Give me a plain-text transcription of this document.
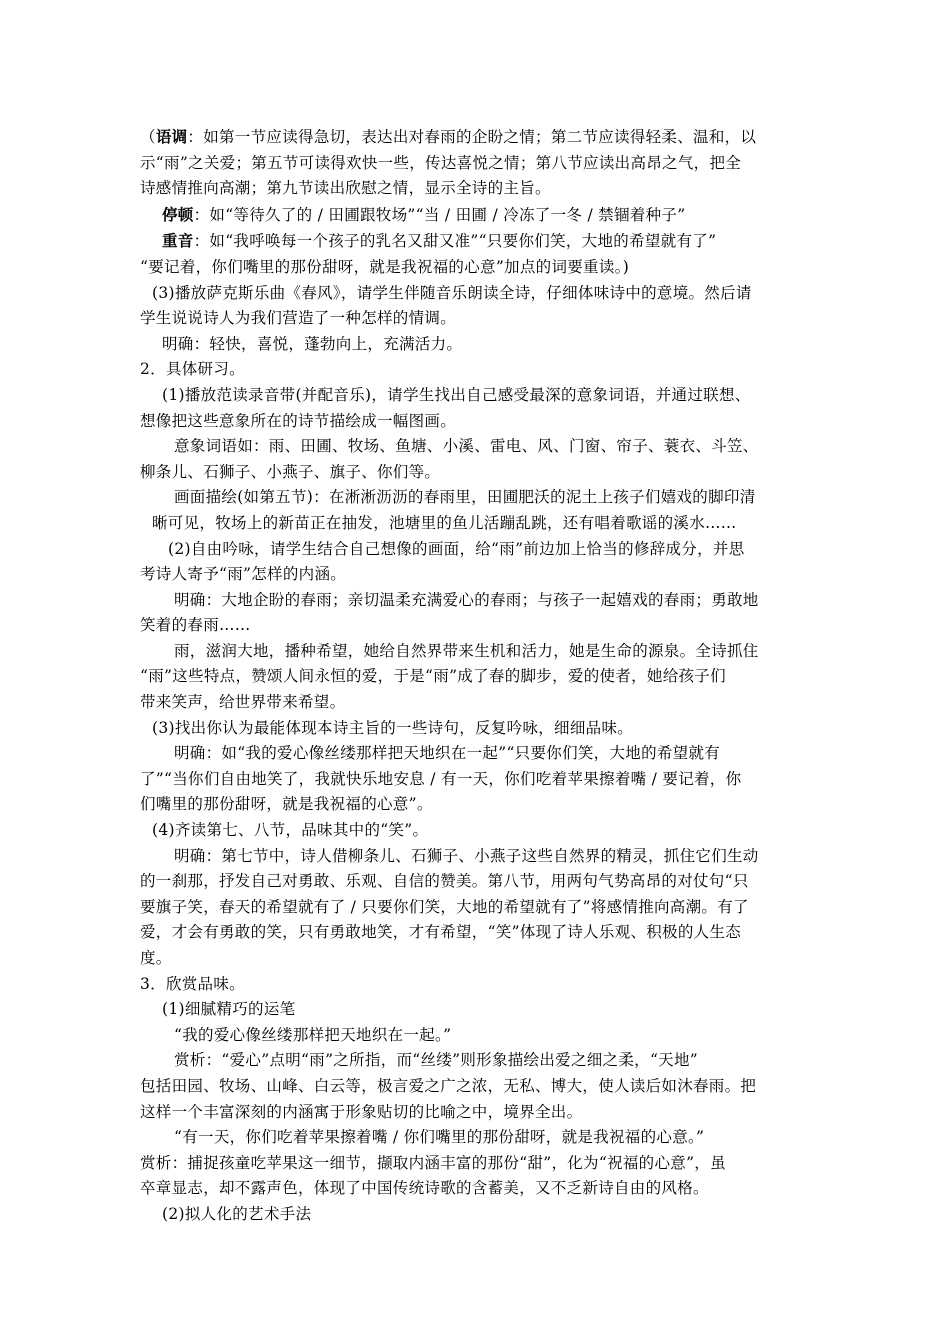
（语调：如第一节应读得急切，表达出对春雨的企盼之情；第二节应读得轻柔、温和，以

示“雨”之关爱；第五节可读得欢快一些，传达喜悦之情；第八节应读出高昂之气，把全

诗感情推向高潮；第九节读出欣慰之情，显示全诗的主旨。

停顿：如“等待久了的 / 田圃跟牧场”“当 / 田圃 / 冷冻了一冬 / 禁锢着种子”

重音：如“我呼唤每一个孩子的乳名又甜又准”“只要你们笑，大地的希望就有了”

“要记着，你们嘴里的那份甜呀，就是我祝福的心意”加点的词要重读。)

(3)播放萨克斯乐曲《春风》，请学生伴随音乐朗读全诗，仔细体味诗中的意境。然后请

学生说说诗人为我们营造了一种怎样的情调。

明确：轻快，喜悦，蓬勃向上，充满活力。

2．具体研习。

(1)播放范读录音带(并配音乐)，请学生找出自己感受最深的意象词语，并通过联想、

想像把这些意象所在的诗节描绘成一幅图画。

意象词语如：雨、田圃、牧场、鱼塘、小溪、雷电、风、门窗、帘子、蓑衣、斗笠、

柳条儿、石狮子、小燕子、旗子、你们等。

画面描绘(如第五节)：在淅淅沥沥的春雨里，田圃肥沃的泥土上孩子们嬉戏的脚印清

晰可见，牧场上的新苗正在抽发，池塘里的鱼儿活蹦乱跳，还有唱着歌谣的溪水……

(2)自由吟咏，请学生结合自己想像的画面，给“雨”前边加上恰当的修辞成分，并思

考诗人寄予“雨”怎样的内涵。

明确：大地企盼的春雨；亲切温柔充满爱心的春雨；与孩子一起嬉戏的春雨；勇敢地

笑着的春雨……

雨，滋润大地，播种希望，她给自然界带来生机和活力，她是生命的源泉。全诗抓住

“雨”这些特点，赞颂人间永恒的爱，于是“雨”成了春的脚步，爱的使者，她给孩子们

带来笑声，给世界带来希望。

(3)找出你认为最能体现本诗主旨的一些诗句，反复吟咏，细细品味。

明确：如“我的爱心像丝缕那样把天地织在一起”“只要你们笑，大地的希望就有

了”“当你们自由地笑了，我就快乐地安息 / 有一天，你们吃着苹果擦着嘴 / 要记着，你

们嘴里的那份甜呀，就是我祝福的心意”。

(4)齐读第七、八节，品味其中的“笑”。

明确：第七节中，诗人借柳条儿、石狮子、小燕子这些自然界的精灵，抓住它们生动

的一刹那，抒发自己对勇敢、乐观、自信的赞美。第八节，用两句气势高昂的对仗句“只

要旗子笑，春天的希望就有了 / 只要你们笑，大地的希望就有了”将感情推向高潮。有了

爱，才会有勇敢的笑，只有勇敢地笑，才有希望，“笑”体现了诗人乐观、积极的人生态

度。

3．欣赏品味。

(1)细腻精巧的运笔

“我的爱心像丝缕那样把天地织在一起。”

赏析：“爱心”点明“雨”之所指，而“丝缕”则形象描绘出爱之细之柔，“天地”

包括田园、牧场、山峰、白云等，极言爱之广之浓，无私、博大，使人读后如沐春雨。把

这样一个丰富深刻的内涵寓于形象贴切的比喻之中，境界全出。

“有一天，你们吃着苹果擦着嘴 / 你们嘴里的那份甜呀，就是我祝福的心意。”

赏析：捕捉孩童吃苹果这一细节，撷取内涵丰富的那份“甜”，化为“祝福的心意”，虽

卒章显志，却不露声色，体现了中国传统诗歌的含蓄美，又不乏新诗自由的风格。

(2)拟人化的艺术手法
